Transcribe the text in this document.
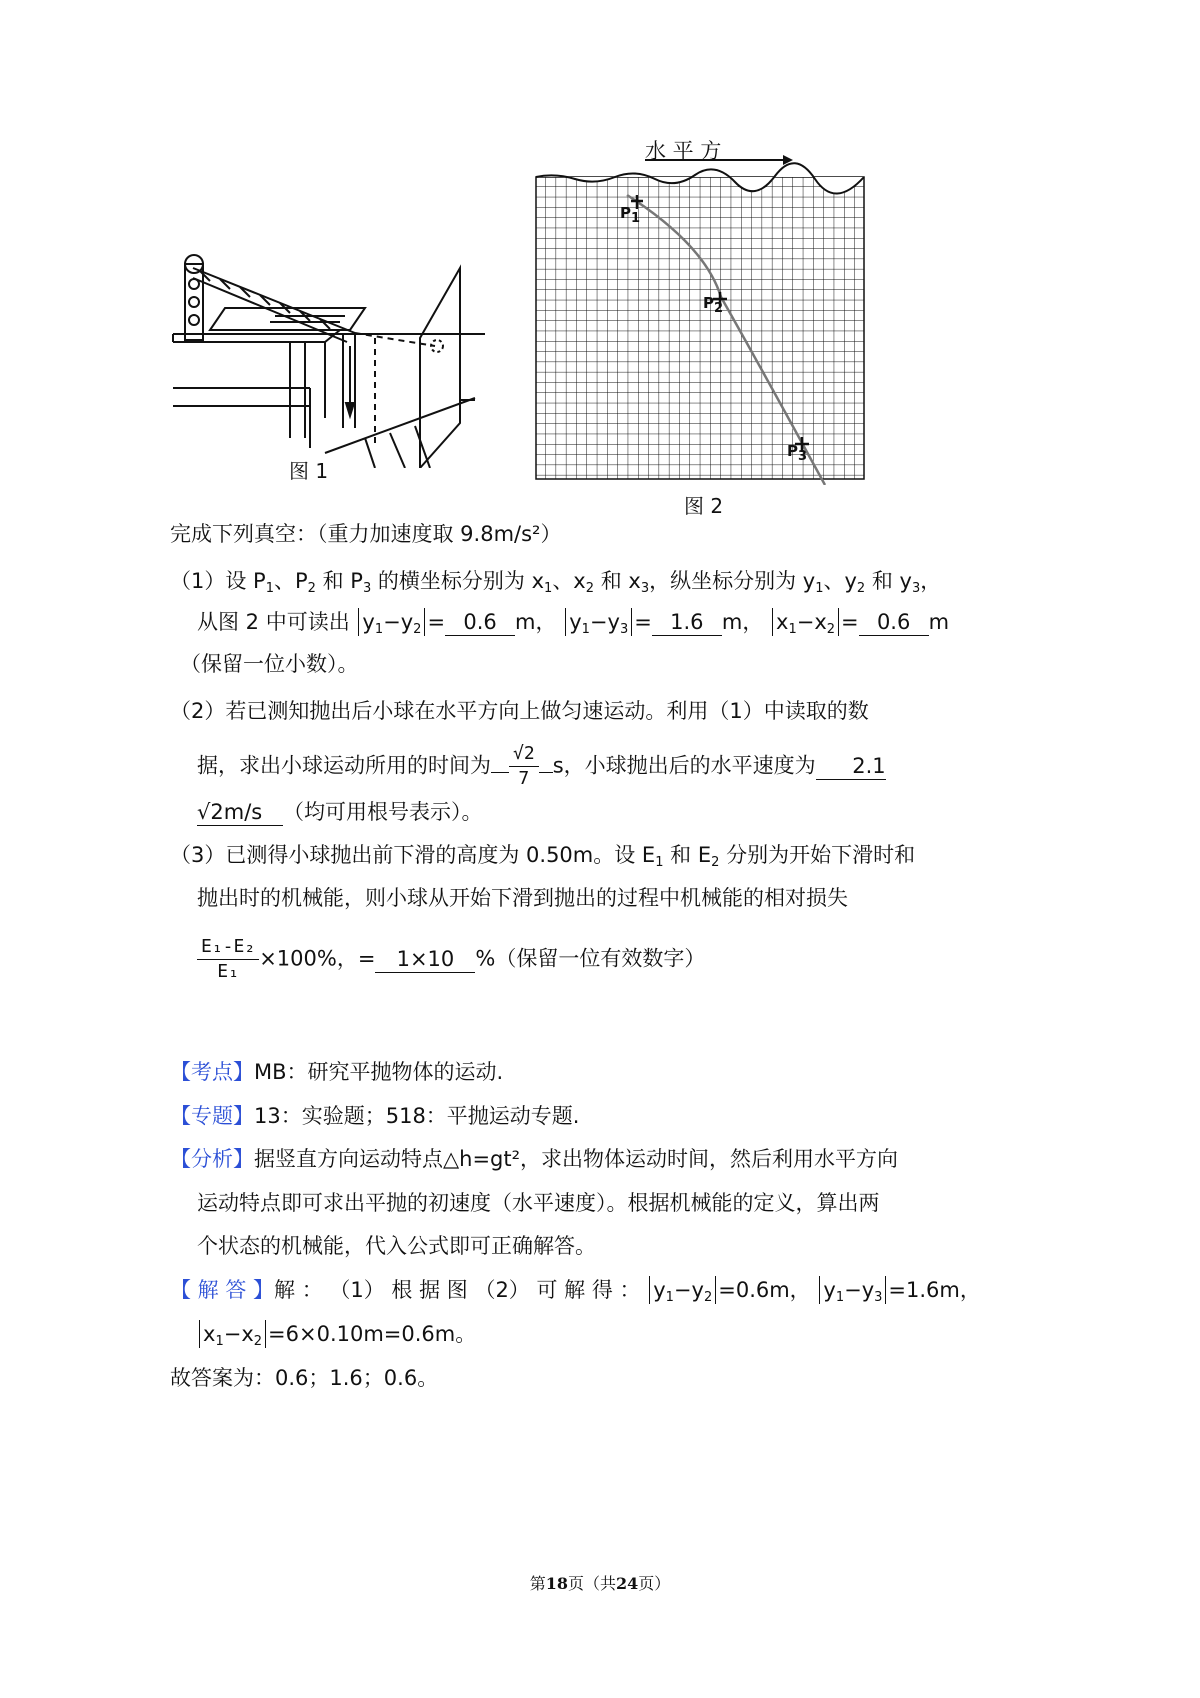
图 1
水 平 方
$P_1$
$P_2$
$P_3$
图 2
完成下列真空：（重力加速度取 9.8m/s²）
（1）设 $P_1$、$P_2$ 和 $P_3$ 的横坐标分别为 $x_1$、$x_2$ 和 $x_3$，纵坐标分别为 $y_1$、$y_2$ 和 $y_3$，
从图 2 中可读出 $y_1-y_2 = 0.6$ m， $y_1-y_3 = 1.6$ m， $x_1-x_2 = 0.6$ m
（保留一位小数）。
（2）若已测知抛出后小球在水平方向上做匀速运动。利用（1）中读取的数
据，求出小球运动所用的时间为 $\frac{√2}{7}$ s，小球抛出后的水平速度为 2.1
√2m/s （均可用根号表示）。
（3）已测得小球抛出前下滑的高度为 0.50m。设 $E_1$ 和 $E_2$ 分别为开始下滑时和
抛出时的机械能，则小球从开始下滑到抛出的过程中机械能的相对损失
$\frac{\text{E₁-E₂}}{\text{E₁}} \times 100\%$，= 1×10 %（保留一位有效数字）
【考点】MB：研究平抛物体的运动.
【专题】13：实验题；518：平抛运动专题.
【分析】据竖直方向运动特点△h=gt²，求出物体运动时间，然后利用水平方向
运动特点即可求出平抛的初速度（水平速度）。根据机械能的定义，算出两
个状态的机械能，代入公式即可正确解答。
【 解 答 】解 ： （1） 根 据 图 （2） 可 解 得 ： $y_1-y_2 =0.6m$， $y_1-y_3 =1.6m$，
$x_1-x_2 =6\times 0.10m=0.6m$。
故答案为：0.6；1.6；0.6。
第18页（共24页）
